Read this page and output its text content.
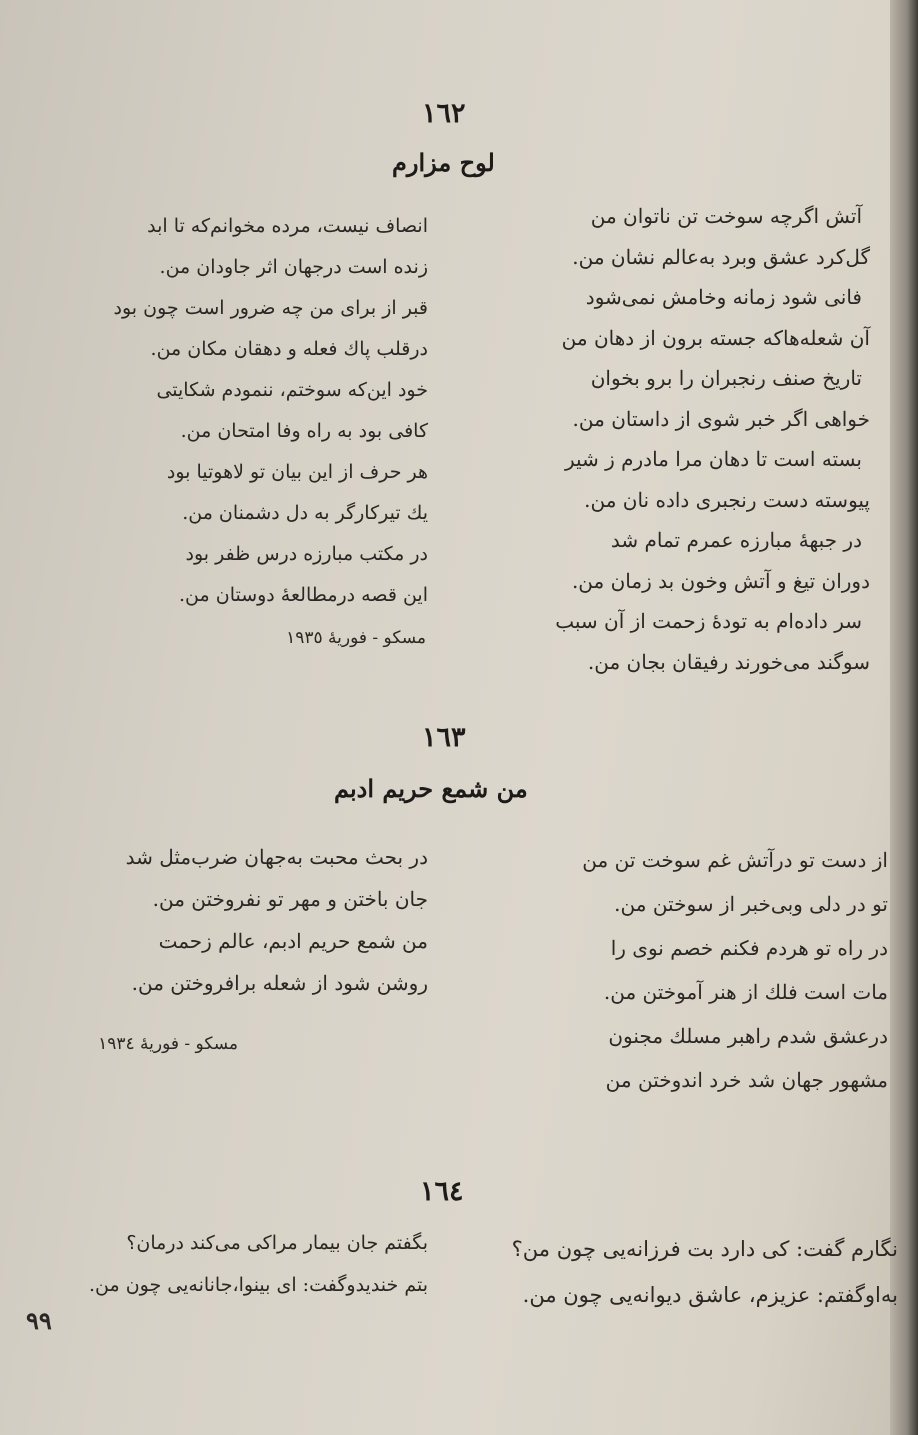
١٦٢
لوح مزارم
آتش اگرچه سوخت تن ناتوان من
گل‌کرد عشق وبرد به‌عالم نشان من.
فانی شود زمانه وخامش نمی‌شود
آن شعله‌هاکه جسته برون از دهان من
تاریخ صنف رنجبران را برو بخوان
خواهی اگر خبر شوی از داستان من.
بسته است تا دهان مرا مادرم ز شیر
پیوسته دست رنجبری داده نان من.
در جبهۀ مبارزه عمرم تمام شد
دوران تیغ و آتش وخون بد زمان من.
سر داده‌ام به تودۀ زحمت از آن سبب
سوگند می‌خورند رفیقان بجان من.
انصاف نیست، مرده مخوانم‌که تا ابد
زنده است درجهان اثر جاودان من.
قبر از برای من چه ضرور است چون بود
درقلب پاك فعله و دهقان مکان من.
خود این‌که سوختم، ننمودم شکایتی
کافی بود به راه وفا امتحان من.
هر حرف از این بیان تو لاهوتیا بود
یك تیرکارگر به دل دشمنان من.
در مکتب مبارزه درس ظفر بود
این قصه درمطالعۀ دوستان من.
مسکو - فوریۀ ١٩٣٥
١٦٣
من شمع حریم ادبم
از دست تو درآتش غم سوخت تن من
تو در دلی وبی‌خبر از سوختن من.
در راه تو هردم فکنم خصم نوی را
مات است فلك از هنر آموختن من.
درعشق شدم راهبر مسلك مجنون
مشهور جهان شد خرد اندوختن من
در بحث محبت به‌جهان ضرب‌مثل شد
جان باختن و مهر تو نفروختن من.
من شمع حریم ادبم، عالم زحمت
روشن شود از شعله برافروختن من.
مسکو - فوریۀ ١٩٣٤
١٦٤
نگارم گفت: کی دارد بت فرزانه‌یی چون من؟
به‌اوگفتم: عزیزم، عاشق دیوانه‌یی چون من.
بگفتم جان بیمار مراکی می‌کند درمان؟
بتم خندیدوگفت: ای بینوا،جانانه‌یی چون من.
٩٩
